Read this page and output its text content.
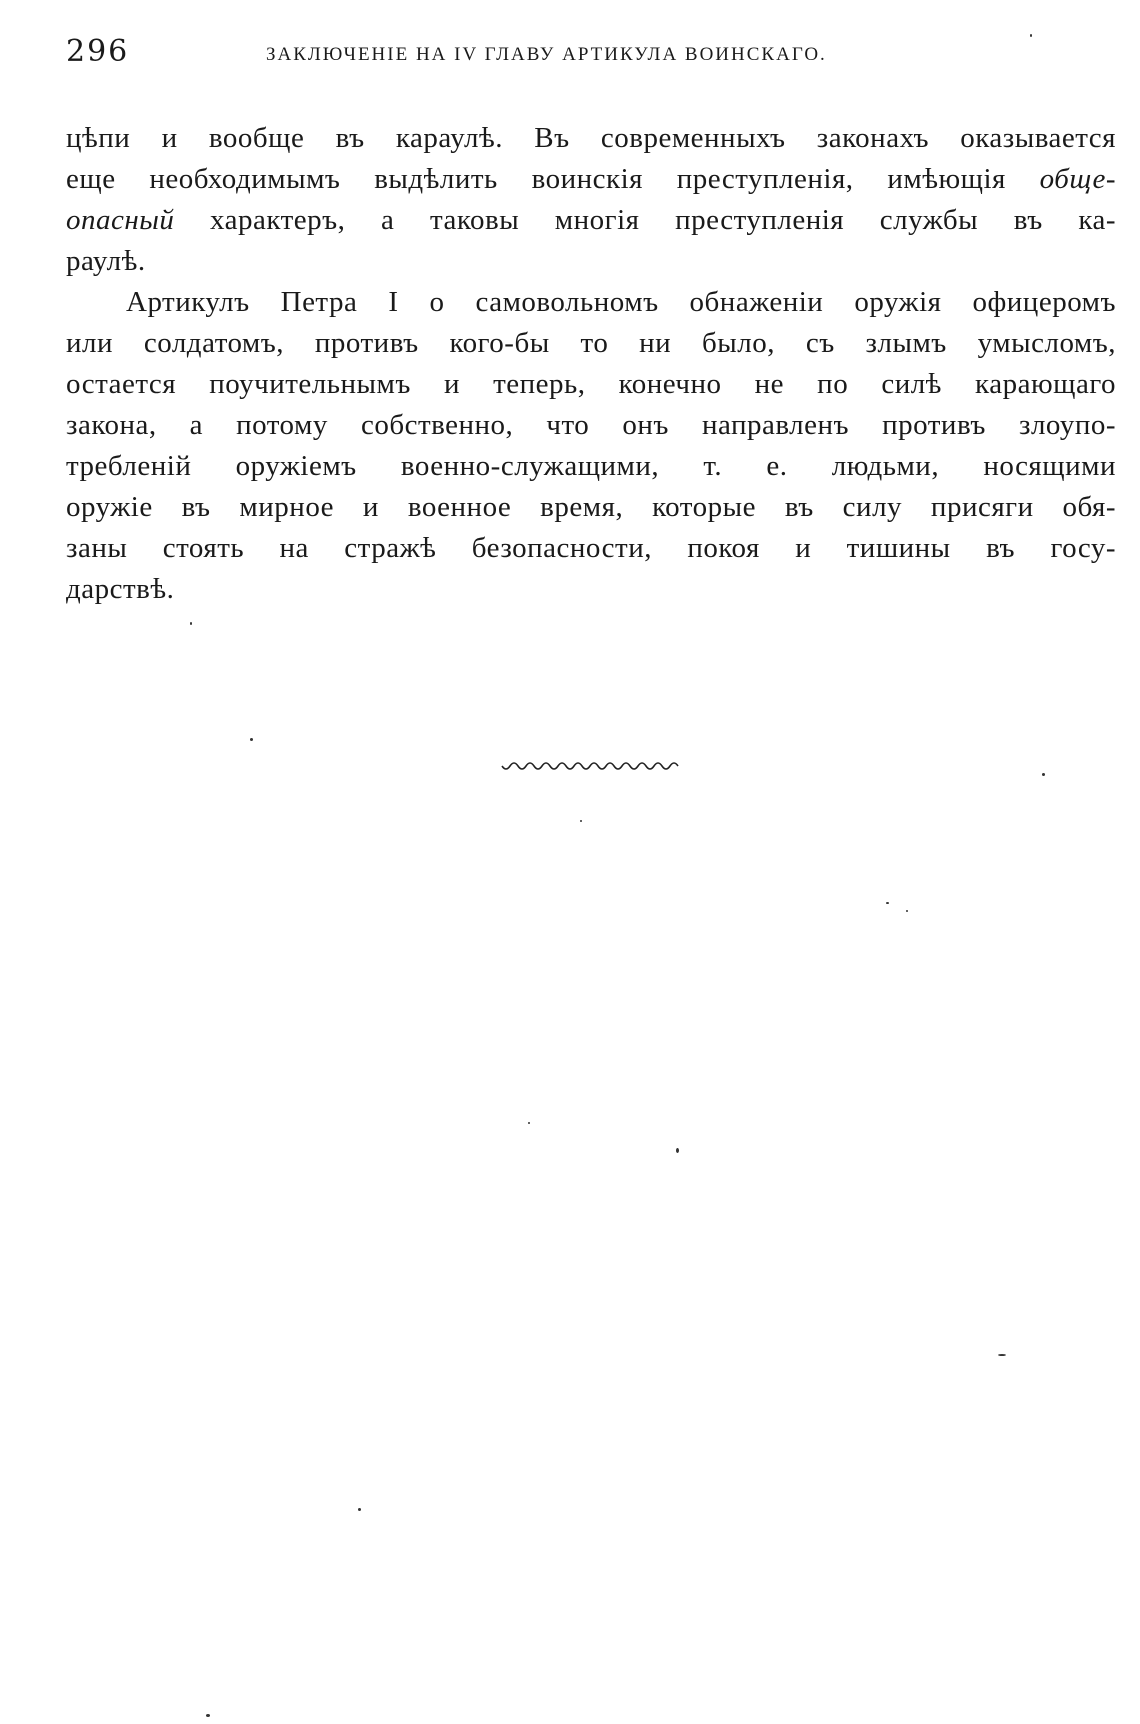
296	ЗАКЛЮЧЕНІЕ НА IV ГЛАВУ АРТИКУЛА ВОИНСКАГО.

цѣпи и вообще въ караулѣ. Въ современныхъ законахъ оказывается
еще необходимымъ выдѣлить воинскія преступленія, имѣющія обще-
опасный характеръ, а таковы многія преступленія службы въ ка-
раулѣ.

Артикулъ Петра I о самовольномъ обнаженіи оружія офицеромъ
или солдатомъ, противъ кого-бы то ни было, съ злымъ умысломъ,
остается поучительнымъ и теперь, конечно не по силѣ карающаго
закона, а потому собственно, что онъ направленъ противъ злоупо-
требленій оружіемъ военно-служащими, т. е. людьми, носящими
оружіе въ мирное и военное время, которые въ силу присяги обя-
заны стоять на стражѣ безопасности, покоя и тишины въ госу-
дарствѣ.
